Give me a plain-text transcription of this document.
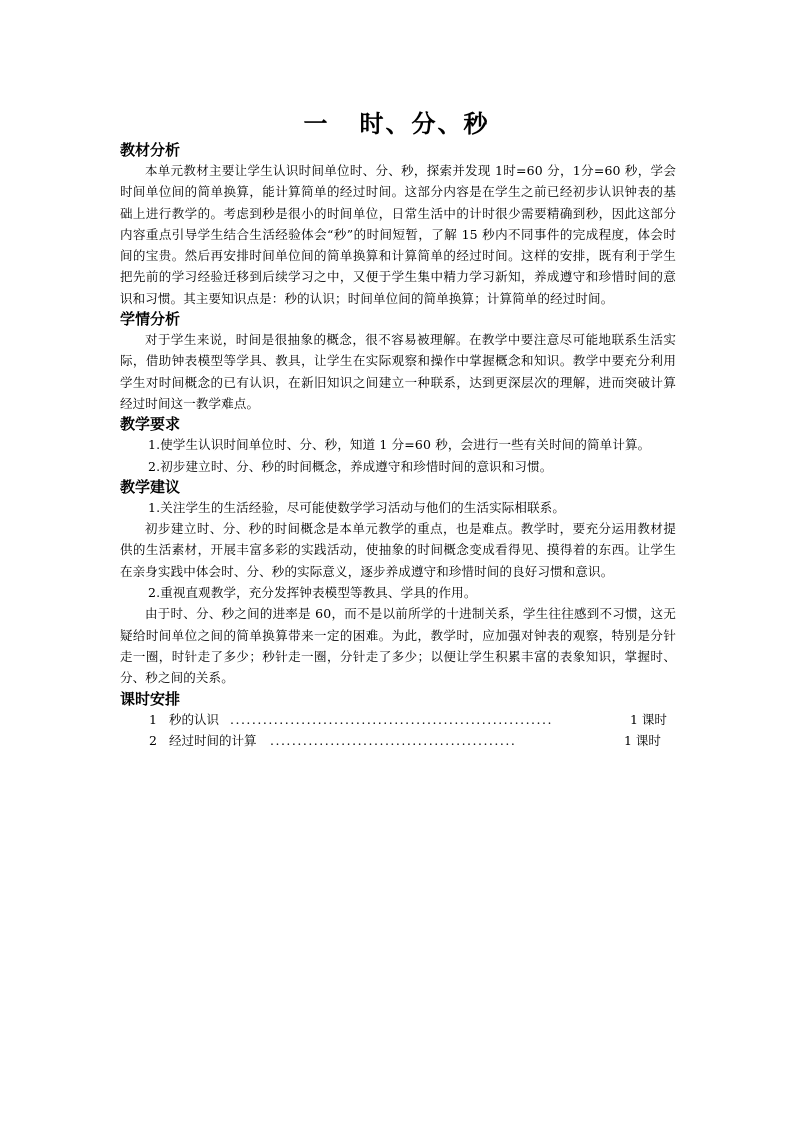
一 时、分、秒
教材分析

本单元教材主要让学生认识时间单位时、分、秒，探索并发现 1时=60 分，1分=60 秒，学会时间单位间的简单换算，能计算简单的经过时间。这部分内容是在学生之前已经初步认识钟表的基础上进行教学的。考虑到秒是很小的时间单位，日常生活中的计时很少需要精确到秒，因此这部分内容重点引导学生结合生活经验体会“秒”的时间短暂，了解 15 秒内不同事件的完成程度，体会时间的宝贵。然后再安排时间单位间的简单换算和计算简单的经过时间。这样的安排，既有利于学生把先前的学习经验迁移到后续学习之中，又便于学生集中精力学习新知，养成遵守和珍惜时间的意识和习惯。其主要知识点是：秒的认识；时间单位间的简单换算；计算简单的经过时间。

学情分析

对于学生来说，时间是很抽象的概念，很不容易被理解。在教学中要注意尽可能地联系生活实际，借助钟表模型等学具、教具，让学生在实际观察和操作中掌握概念和知识。教学中要充分利用学生对时间概念的已有认识，在新旧知识之间建立一种联系，达到更深层次的理解，进而突破计算经过时间这一教学难点。

教学要求

1.使学生认识时间单位时、分、秒，知道 1 分=60 秒，会进行一些有关时间的简单计算。

2.初步建立时、分、秒的时间概念，养成遵守和珍惜时间的意识和习惯。

教学建议

1.关注学生的生活经验，尽可能使数学学习活动与他们的生活实际相联系。

初步建立时、分、秒的时间概念是本单元教学的重点，也是难点。教学时，要充分运用教材提供的生活素材，开展丰富多彩的实践活动，使抽象的时间概念变成看得见、摸得着的东西。让学生在亲身实践中体会时、分、秒的实际意义，逐步养成遵守和珍惜时间的良好习惯和意识。

2.重视直观教学，充分发挥钟表模型等教具、学具的作用。

由于时、分、秒之间的进率是 60，而不是以前所学的十进制关系，学生往往感到不习惯，这无疑给时间单位之间的简单换算带来一定的困难。为此，教学时，应加强对钟表的观察，特别是分针走一圈，时针走了多少；秒针走一圈，分针走了多少；以便让学生积累丰富的表象知识，掌握时、分、秒之间的关系。

课时安排
1 秒的认识 ...........................................................	1 课时
2 经过时间的计算 .............................................	1 课时
